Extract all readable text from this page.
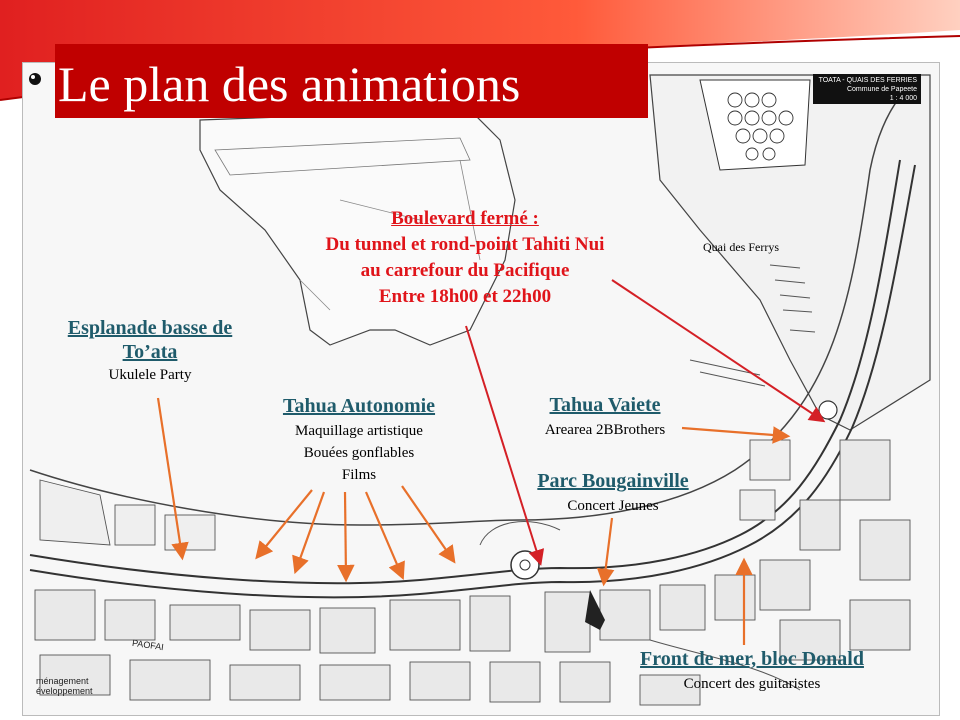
Le plan des animations	TOATA - QUAIS DES FERRIES
Commune de Papeete
1 : 4 000
Quai des Ferrys
PAOFAI
ménagement
éveloppement
Boulevard fermé :
Du tunnel et rond-point Tahiti Nui
au carrefour du Pacifique
Entre 18h00 et 22h00
Esplanade basse de
To’ata
Ukulele Party
Tahua Autonomie
Maquillage artistique
Bouées gonflables
Films
Tahua Vaiete
Arearea 2BBrothers
Parc Bougainville
Concert Jeunes
Front de mer, bloc Donald
Concert des guitaristes
